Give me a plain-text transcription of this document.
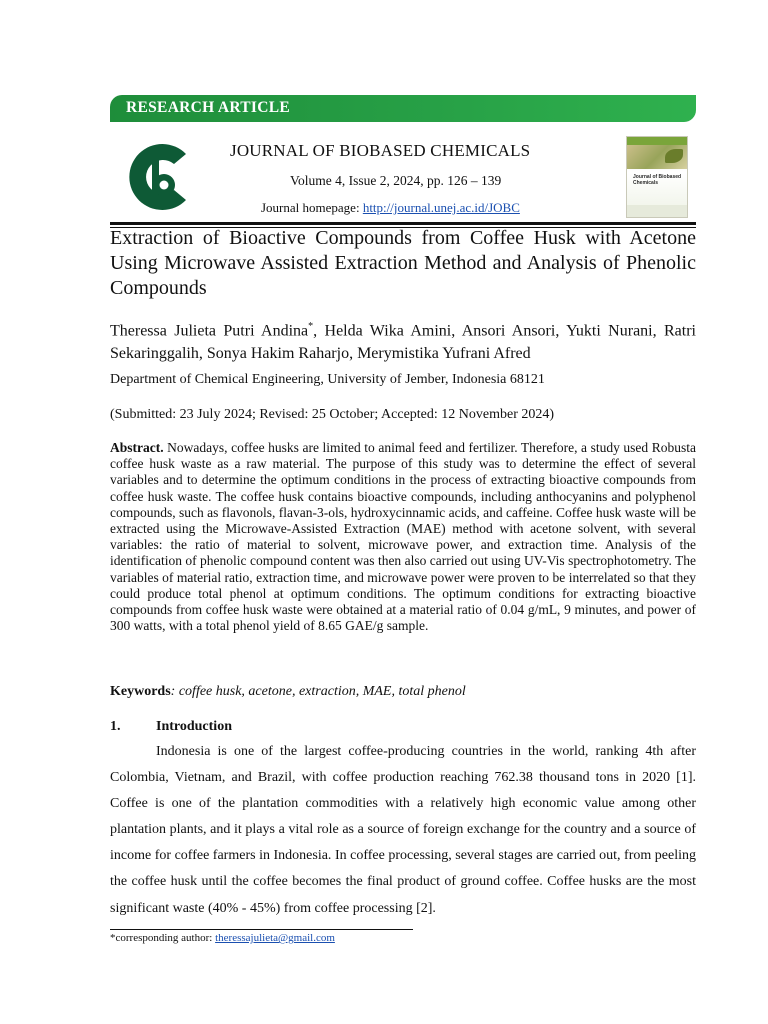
RESEARCH ARTICLE
JOURNAL OF BIOBASED CHEMICALS
Volume 4, Issue 2, 2024, pp. 126 – 139
Journal homepage: http://journal.unej.ac.id/JOBC
Journal of Biobased Chemicals
Extraction of Bioactive Compounds from Coffee Husk with Acetone Using Microwave Assisted Extraction Method and Analysis of Phenolic Compounds
Theressa Julieta Putri Andina*, Helda Wika Amini, Ansori Ansori, Yukti Nurani, Ratri Sekaringgalih, Sonya Hakim Raharjo, Merymistika Yufrani Afred
Department of Chemical Engineering, University of Jember, Indonesia 68121
(Submitted: 23 July 2024; Revised: 25 October; Accepted: 12 November 2024)
Abstract. Nowadays, coffee husks are limited to animal feed and fertilizer. Therefore, a study used Robusta coffee husk waste as a raw material. The purpose of this study was to determine the effect of several variables and to determine the optimum conditions in the process of extracting bioactive compounds from coffee husk waste. The coffee husk contains bioactive compounds, including anthocyanins and polyphenol compounds, such as flavonols, flavan-3-ols, hydroxycinnamic acids, and caffeine. Coffee husk waste will be extracted using the Microwave-Assisted Extraction (MAE) method with acetone solvent, with several variables: the ratio of material to solvent, microwave power, and extraction time. Analysis of the identification of phenolic compound content was then also carried out using UV-Vis spectrophotometry. The variables of material ratio, extraction time, and microwave power were proven to be interrelated so that they could produce total phenol at optimum conditions. The optimum conditions for extracting bioactive compounds from coffee husk waste were obtained at a material ratio of 0.04 g/mL, 9 minutes, and power of 300 watts, with a total phenol yield of 8.65 GAE/g sample.
Keywords: coffee husk, acetone, extraction, MAE, total phenol
1.	Introduction
Indonesia is one of the largest coffee-producing countries in the world, ranking 4th after Colombia, Vietnam, and Brazil, with coffee production reaching 762.38 thousand tons in 2020 [1]. Coffee is one of the plantation commodities with a relatively high economic value among other plantation plants, and it plays a vital role as a source of foreign exchange for the country and a source of income for coffee farmers in Indonesia. In coffee processing, several stages are carried out, from peeling the coffee husk until the coffee becomes the final product of ground coffee. Coffee husks are the most significant waste (40% - 45%) from coffee processing [2].
*corresponding author: theressajulieta@gmail.com
